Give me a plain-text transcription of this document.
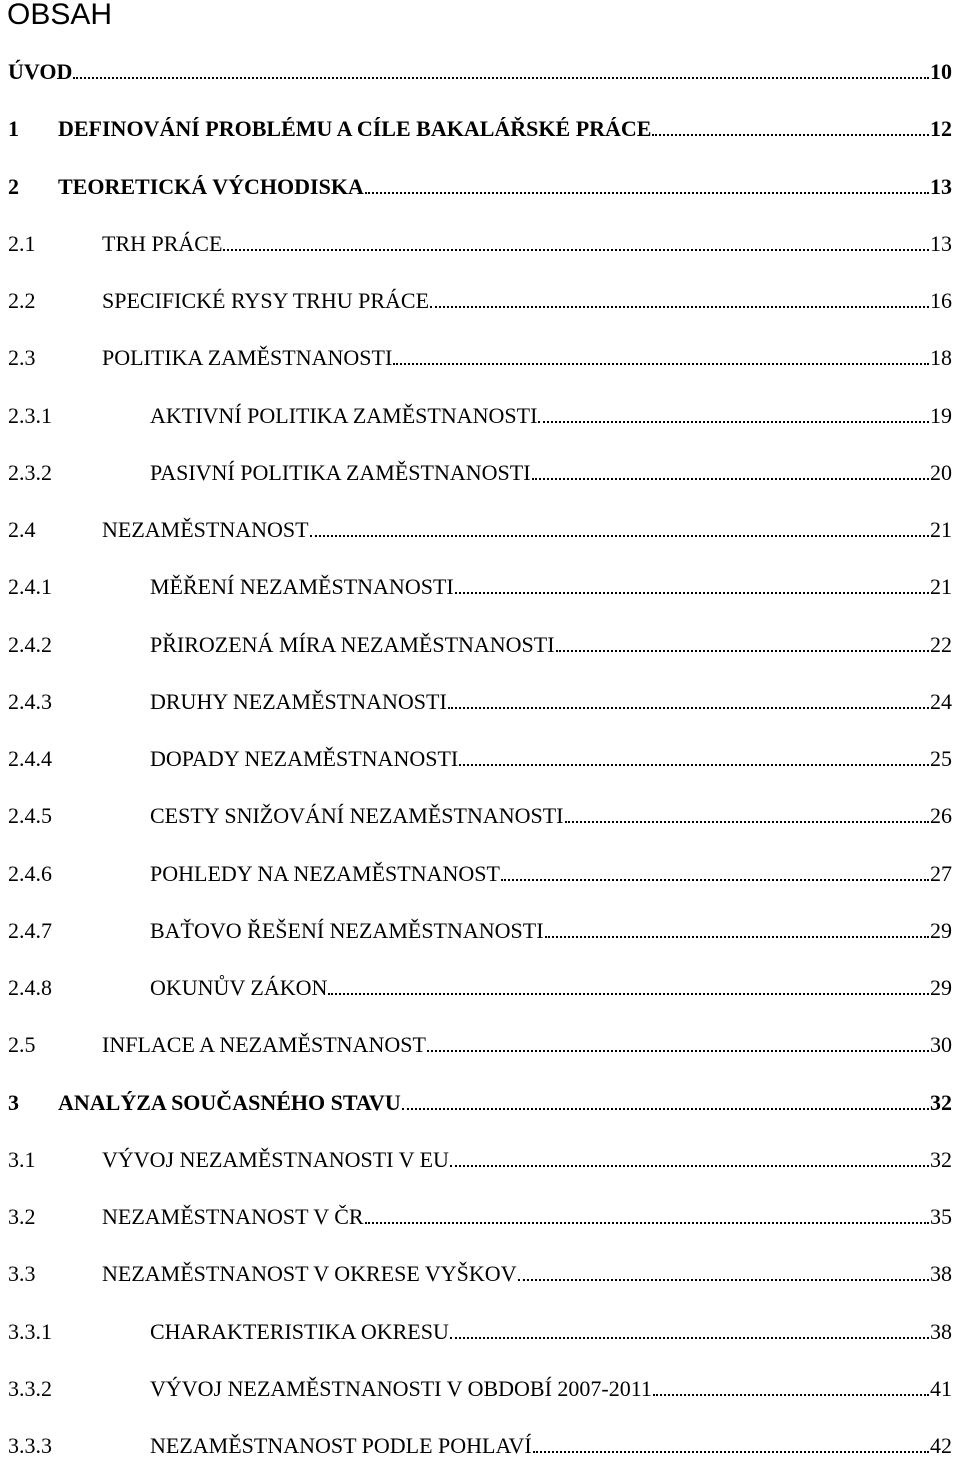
OBSAH
ÚVOD	10
1	DEFINOVÁNÍ PROBLÉMU A CÍLE BAKALÁŘSKÉ PRÁCE	12
2	TEORETICKÁ VÝCHODISKA	13
2.1	TRH PRÁCE	13
2.2	SPECIFICKÉ RYSY TRHU PRÁCE	16
2.3	POLITIKA ZAMĚSTNANOSTI	18
2.3.1	AKTIVNÍ POLITIKA ZAMĚSTNANOSTI	19
2.3.2	PASIVNÍ POLITIKA ZAMĚSTNANOSTI	20
2.4	NEZAMĚSTNANOST	21
2.4.1	MĚŘENÍ NEZAMĚSTNANOSTI	21
2.4.2	PŘIROZENÁ MÍRA NEZAMĚSTNANOSTI	22
2.4.3	DRUHY NEZAMĚSTNANOSTI	24
2.4.4	DOPADY NEZAMĚSTNANOSTI	25
2.4.5	CESTY SNIŽOVÁNÍ NEZAMĚSTNANOSTI	26
2.4.6	POHLEDY NA NEZAMĚSTNANOST	27
2.4.7	BAŤOVO ŘEŠENÍ NEZAMĚSTNANOSTI	29
2.4.8	OKUNŮV ZÁKON	29
2.5	INFLACE A NEZAMĚSTNANOST	30
3	ANALÝZA SOUČASNÉHO STAVU	32
3.1	VÝVOJ NEZAMĚSTNANOSTI V EU	32
3.2	NEZAMĚSTNANOST V ČR	35
3.3	NEZAMĚSTNANOST V OKRESE VYŠKOV	38
3.3.1	CHARAKTERISTIKA OKRESU	38
3.3.2	VÝVOJ NEZAMĚSTNANOSTI V OBDOBÍ 2007-2011	41
3.3.3	NEZAMĚSTNANOST PODLE POHLAVÍ	42
